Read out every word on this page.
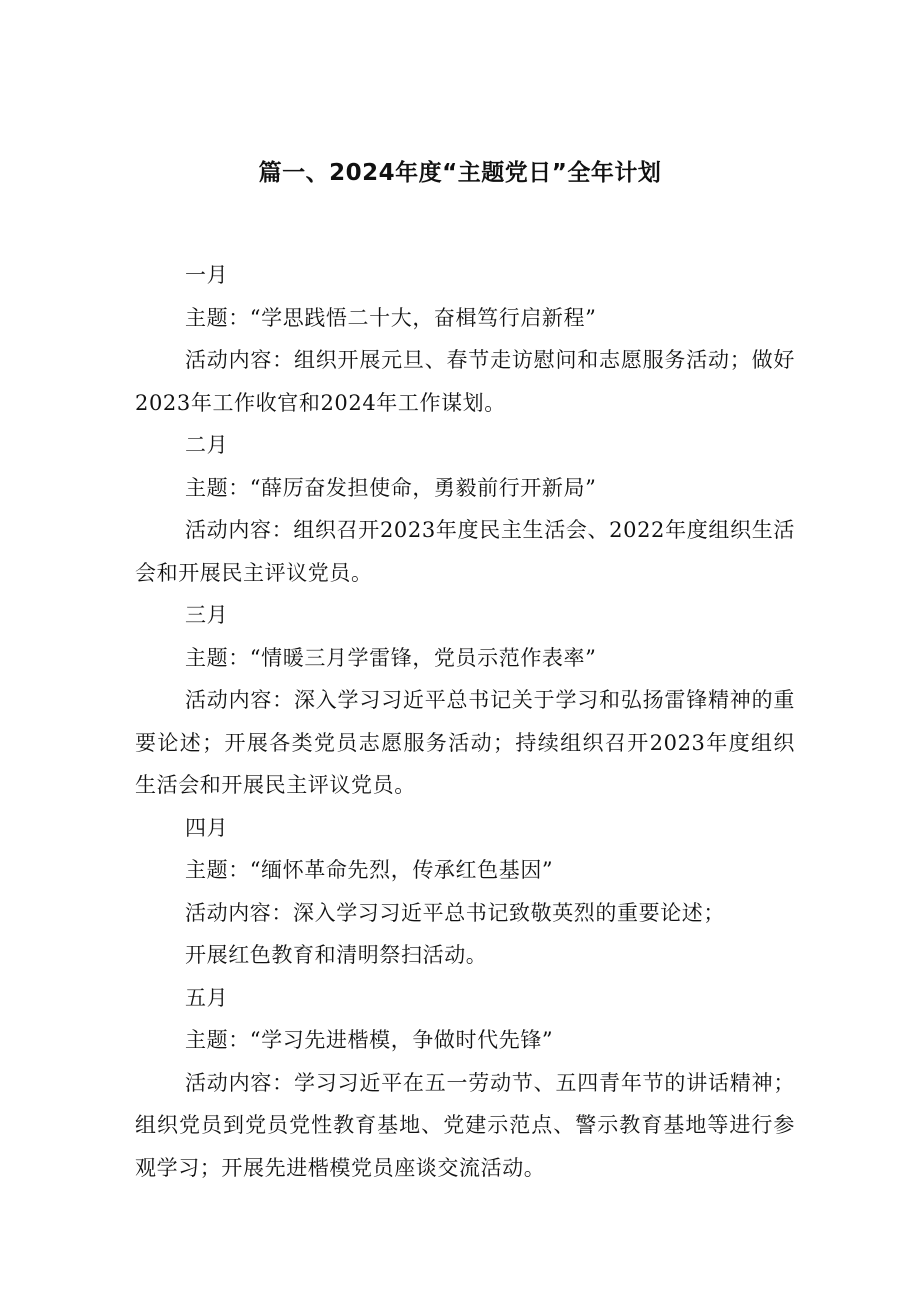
篇一、2024年度“主题党日”全年计划

一月

主题：“学思践悟二十大，奋楫笃行启新程”

活动内容：组织开展元旦、春节走访慰问和志愿服务活动；做好2023年工作收官和2024年工作谋划。

二月

主题：“薛厉奋发担使命，勇毅前行开新局”

活动内容：组织召开2023年度民主生活会、2022年度组织生活会和开展民主评议党员。

三月

主题：“情暖三月学雷锋，党员示范作表率”

活动内容：深入学习习近平总书记关于学习和弘扬雷锋精神的重要论述；开展各类党员志愿服务活动；持续组织召开2023年度组织生活会和开展民主评议党员。

四月

主题：“缅怀革命先烈，传承红色基因”

活动内容：深入学习习近平总书记致敬英烈的重要论述；

开展红色教育和清明祭扫活动。

五月

主题：“学习先进楷模，争做时代先锋”

活动内容：学习习近平在五一劳动节、五四青年节的讲话精神；组织党员到党员党性教育基地、党建示范点、警示教育基地等进行参观学习；开展先进楷模党员座谈交流活动。
